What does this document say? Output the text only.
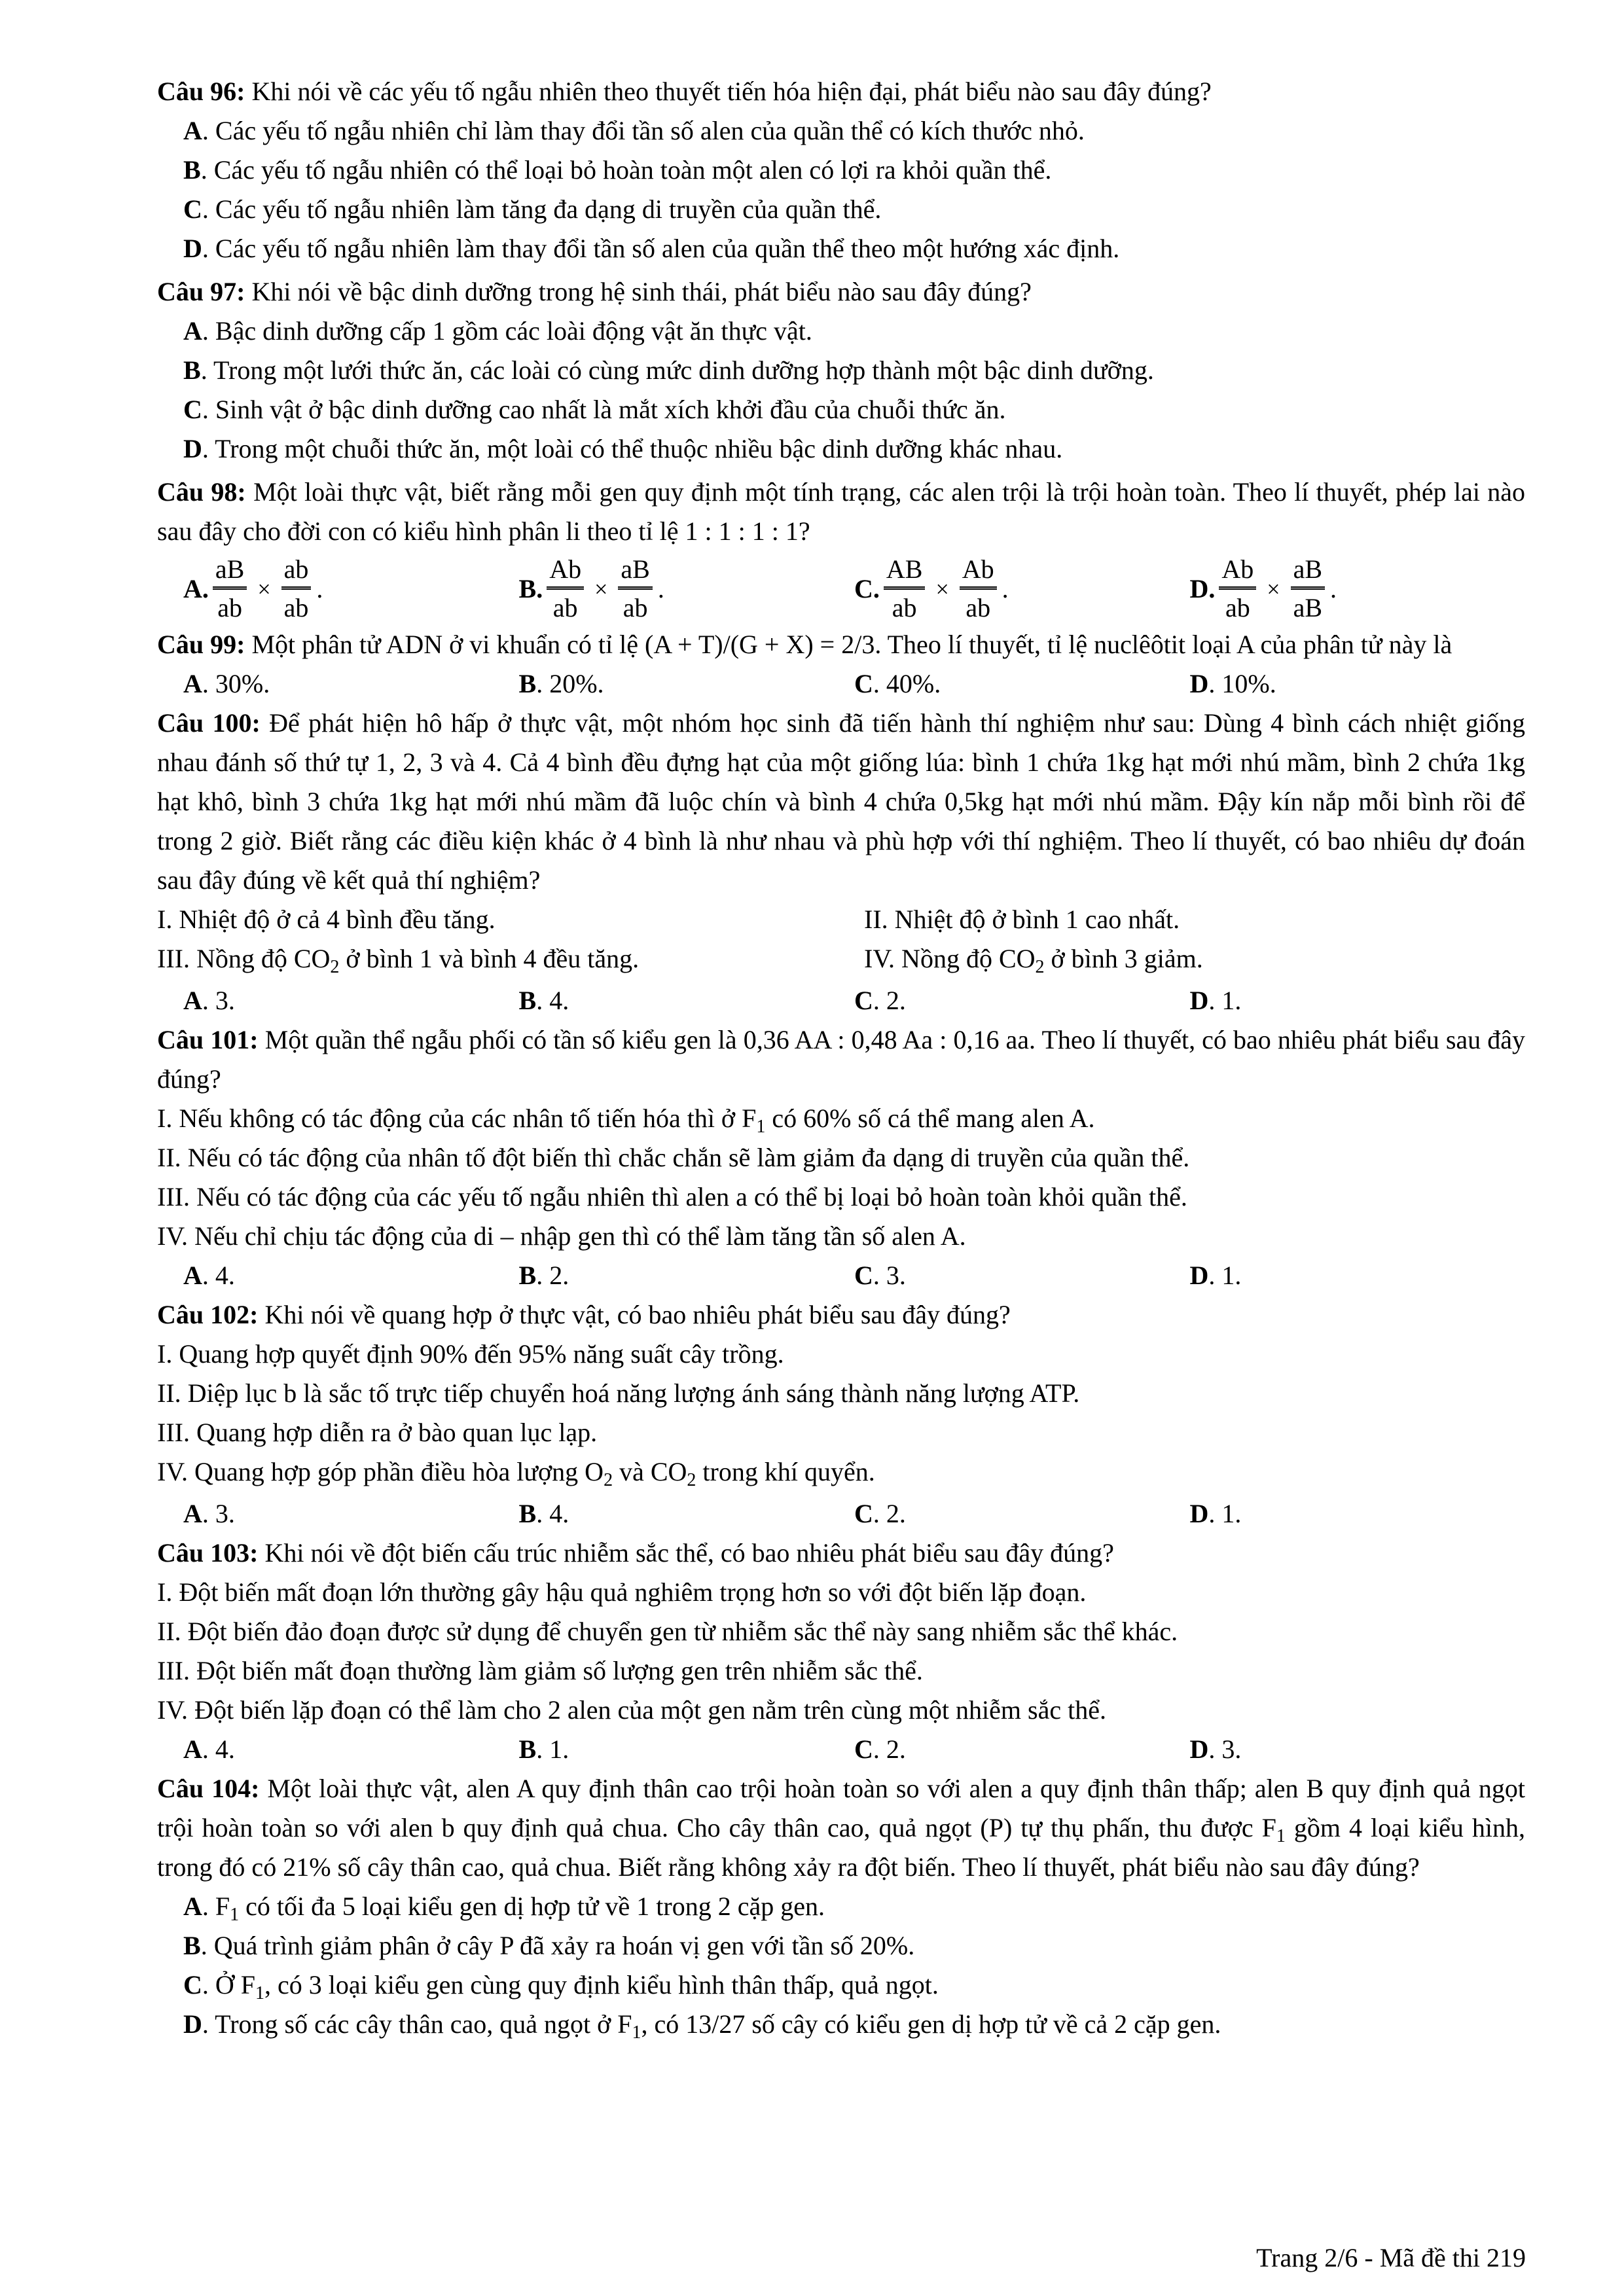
Câu 96: Khi nói về các yếu tố ngẫu nhiên theo thuyết tiến hóa hiện đại, phát biểu nào sau đây đúng?
A. Các yếu tố ngẫu nhiên chỉ làm thay đổi tần số alen của quần thể có kích thước nhỏ.
B. Các yếu tố ngẫu nhiên có thể loại bỏ hoàn toàn một alen có lợi ra khỏi quần thể.
C. Các yếu tố ngẫu nhiên làm tăng đa dạng di truyền của quần thể.
D. Các yếu tố ngẫu nhiên làm thay đổi tần số alen của quần thể theo một hướng xác định.
Câu 97: Khi nói về bậc dinh dưỡng trong hệ sinh thái, phát biểu nào sau đây đúng?
A. Bậc dinh dưỡng cấp 1 gồm các loài động vật ăn thực vật.
B. Trong một lưới thức ăn, các loài có cùng mức dinh dưỡng hợp thành một bậc dinh dưỡng.
C. Sinh vật ở bậc dinh dưỡng cao nhất là mắt xích khởi đầu của chuỗi thức ăn.
D. Trong một chuỗi thức ăn, một loài có thể thuộc nhiều bậc dinh dưỡng khác nhau.
Câu 98: Một loài thực vật, biết rằng mỗi gen quy định một tính trạng, các alen trội là trội hoàn toàn. Theo lí thuyết, phép lai nào sau đây cho đời con có kiểu hình phân li theo tỉ lệ 1 : 1 : 1 : 1?
A . $\frac{aB}{ab} \times \frac{ab}{ab}$ .	B . $\frac{Ab}{ab} \times \frac{aB}{ab}$ .	C . $\frac{AB}{ab} \times \frac{Ab}{ab}$ .	D . $\frac{Ab}{ab} \times \frac{aB}{aB}$ .
Câu 99: Một phân tử ADN ở vi khuẩn có tỉ lệ (A + T)/(G + X) = 2/3. Theo lí thuyết, tỉ lệ nuclêôtit loại A của phân tử này là
A. 30%.	B. 20%.	C. 40%.	D. 10%.
Câu 100: Để phát hiện hô hấp ở thực vật, một nhóm học sinh đã tiến hành thí nghiệm như sau: Dùng 4 bình cách nhiệt giống nhau đánh số thứ tự 1, 2, 3 và 4. Cả 4 bình đều đựng hạt của một giống lúa: bình 1 chứa 1kg hạt mới nhú mầm, bình 2 chứa 1kg hạt khô, bình 3 chứa 1kg hạt mới nhú mầm đã luộc chín và bình 4 chứa 0,5kg hạt mới nhú mầm. Đậy kín nắp mỗi bình rồi để trong 2 giờ. Biết rằng các điều kiện khác ở 4 bình là như nhau và phù hợp với thí nghiệm. Theo lí thuyết, có bao nhiêu dự đoán sau đây đúng về kết quả thí nghiệm?
I. Nhiệt độ ở cả 4 bình đều tăng.	II. Nhiệt độ ở bình 1 cao nhất.
III. Nồng độ $CO_2$ ở bình 1 và bình 4 đều tăng.	IV. Nồng độ $CO_2$ ở bình 3 giảm.
A. 3.	B. 4.	C. 2.	D. 1.
Câu 101: Một quần thể ngẫu phối có tần số kiểu gen là 0,36 AA : 0,48 Aa : 0,16 aa. Theo lí thuyết, có bao nhiêu phát biểu sau đây đúng?
I. Nếu không có tác động của các nhân tố tiến hóa thì ở $F_1$ có 60% số cá thể mang alen A.
II. Nếu có tác động của nhân tố đột biến thì chắc chắn sẽ làm giảm đa dạng di truyền của quần thể.
III. Nếu có tác động của các yếu tố ngẫu nhiên thì alen a có thể bị loại bỏ hoàn toàn khỏi quần thể.
IV. Nếu chỉ chịu tác động của di – nhập gen thì có thể làm tăng tần số alen A.
A. 4.	B. 2.	C. 3.	D. 1.
Câu 102: Khi nói về quang hợp ở thực vật, có bao nhiêu phát biểu sau đây đúng?
I. Quang hợp quyết định 90% đến 95% năng suất cây trồng.
II. Diệp lục b là sắc tố trực tiếp chuyển hoá năng lượng ánh sáng thành năng lượng ATP.
III. Quang hợp diễn ra ở bào quan lục lạp.
IV. Quang hợp góp phần điều hòa lượng $O_2$ và $CO_2$ trong khí quyển.
A. 3.	B. 4.	C. 2.	D. 1.
Câu 103: Khi nói về đột biến cấu trúc nhiễm sắc thể, có bao nhiêu phát biểu sau đây đúng?
I. Đột biến mất đoạn lớn thường gây hậu quả nghiêm trọng hơn so với đột biến lặp đoạn.
II. Đột biến đảo đoạn được sử dụng để chuyển gen từ nhiễm sắc thể này sang nhiễm sắc thể khác.
III. Đột biến mất đoạn thường làm giảm số lượng gen trên nhiễm sắc thể.
IV. Đột biến lặp đoạn có thể làm cho 2 alen của một gen nằm trên cùng một nhiễm sắc thể.
A. 4.	B. 1.	C. 2.	D. 3.
Câu 104: Một loài thực vật, alen A quy định thân cao trội hoàn toàn so với alen a quy định thân thấp; alen B quy định quả ngọt trội hoàn toàn so với alen b quy định quả chua. Cho cây thân cao, quả ngọt (P) tự thụ phấn, thu được $F_1$ gồm 4 loại kiểu hình, trong đó có 21% số cây thân cao, quả chua. Biết rằng không xảy ra đột biến. Theo lí thuyết, phát biểu nào sau đây đúng?
A. $F_1$ có tối đa 5 loại kiểu gen dị hợp tử về 1 trong 2 cặp gen.
B. Quá trình giảm phân ở cây P đã xảy ra hoán vị gen với tần số 20%.
C. Ở $F_1$, có 3 loại kiểu gen cùng quy định kiểu hình thân thấp, quả ngọt.
D. Trong số các cây thân cao, quả ngọt ở $F_1$, có 13/27 số cây có kiểu gen dị hợp tử về cả 2 cặp gen.
Trang 2/6 - Mã đề thi 219
